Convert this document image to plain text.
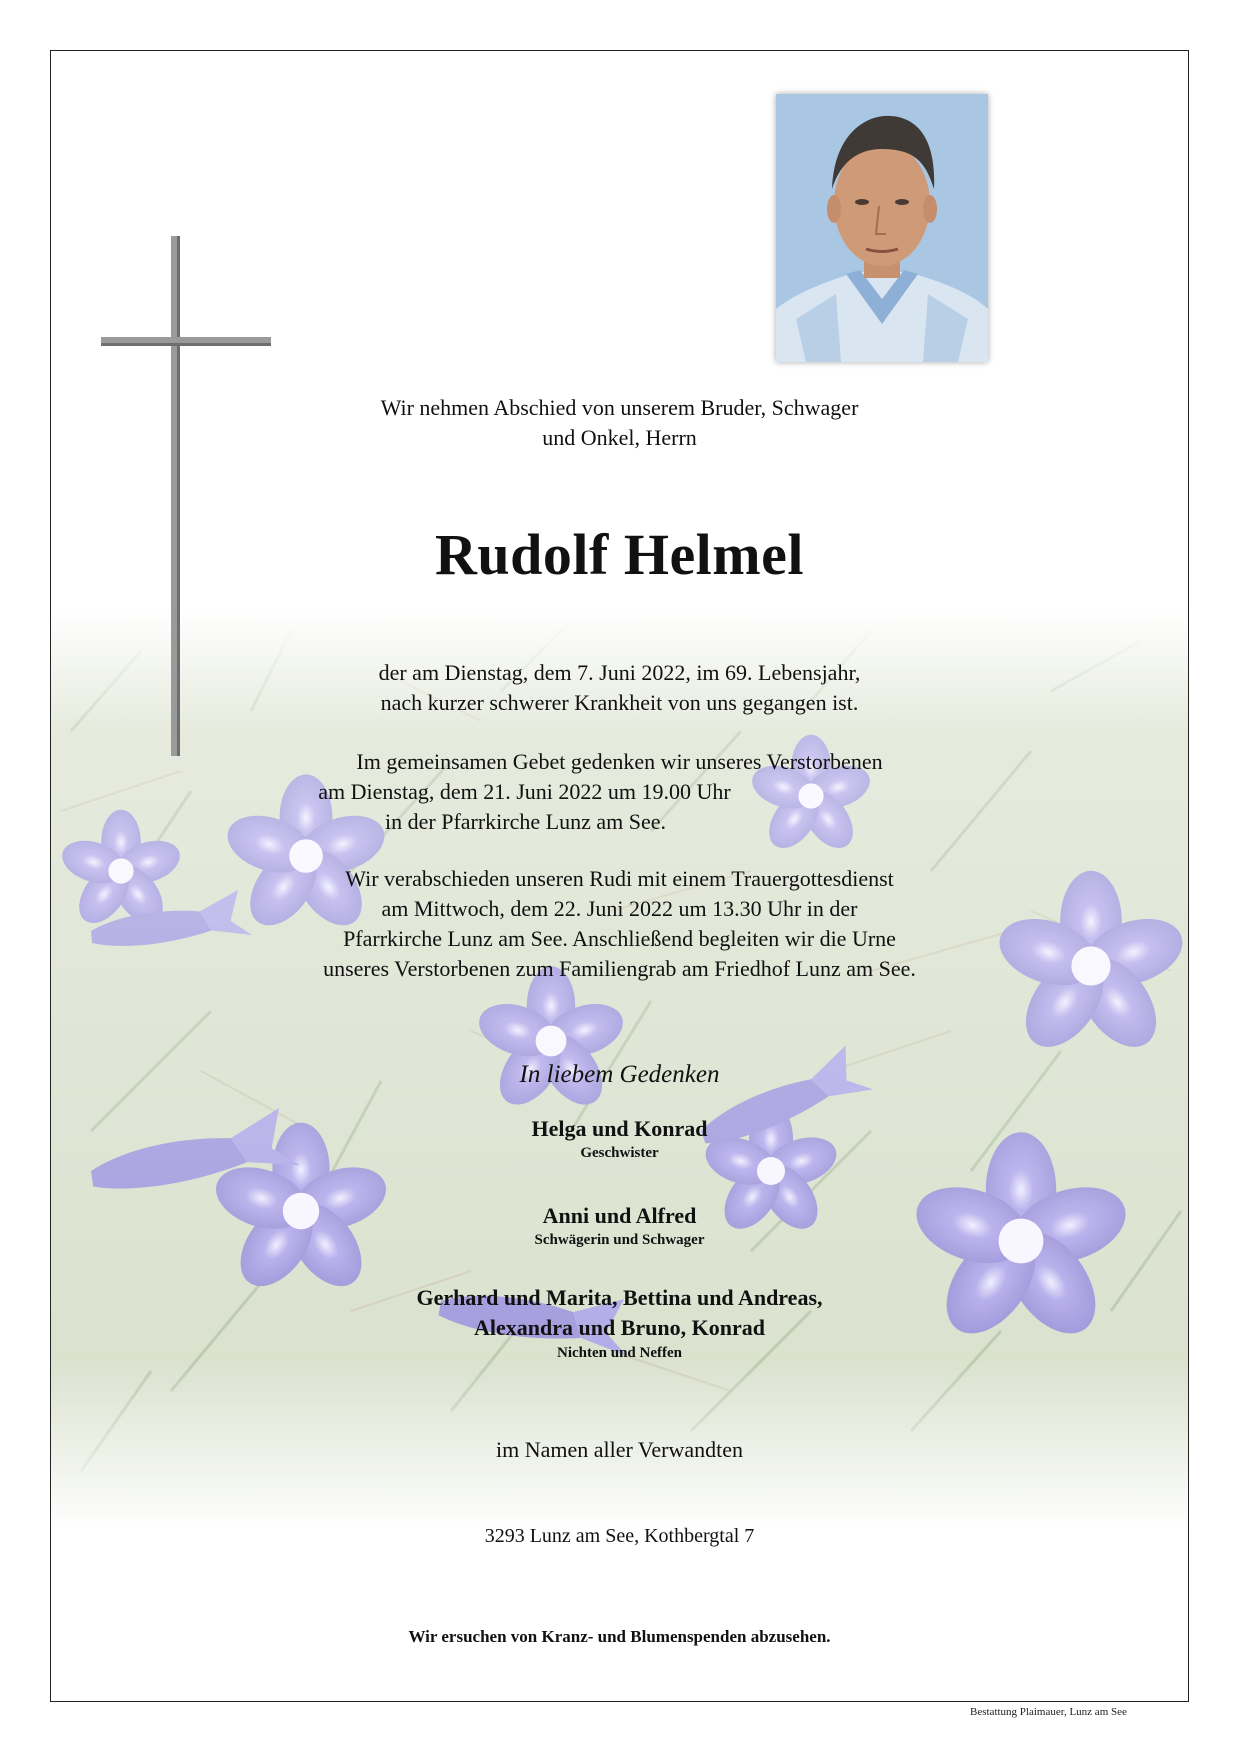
Wir nehmen Abschied von unserem Bruder, Schwager
und Onkel, Herrn
Rudolf Helmel
der am Dienstag, dem 7. Juni 2022, im 69. Lebensjahr,
nach kurzer schwerer Krankheit von uns gegangen ist.
Im gemeinsamen Gebet gedenken wir unseres Verstorbenen
am Dienstag, dem 21. Juni 2022 um 19.00 Uhr
in der Pfarrkirche Lunz am See.
Wir verabschieden unseren Rudi mit einem Trauergottesdienst
am Mittwoch, dem 22. Juni 2022 um 13.30 Uhr in der
Pfarrkirche Lunz am See. Anschließend begleiten wir die Urne
unseres Verstorbenen zum Familiengrab am Friedhof Lunz am See.
In liebem Gedenken
Helga und Konrad
Geschwister
Anni und Alfred
Schwägerin und Schwager
Gerhard und Marita, Bettina und Andreas,
Alexandra und Bruno, Konrad
Nichten und Neffen
im Namen aller Verwandten
3293 Lunz am See, Kothbergtal 7
Wir ersuchen von Kranz- und Blumenspenden abzusehen.
Bestattung Plaimauer, Lunz am See
